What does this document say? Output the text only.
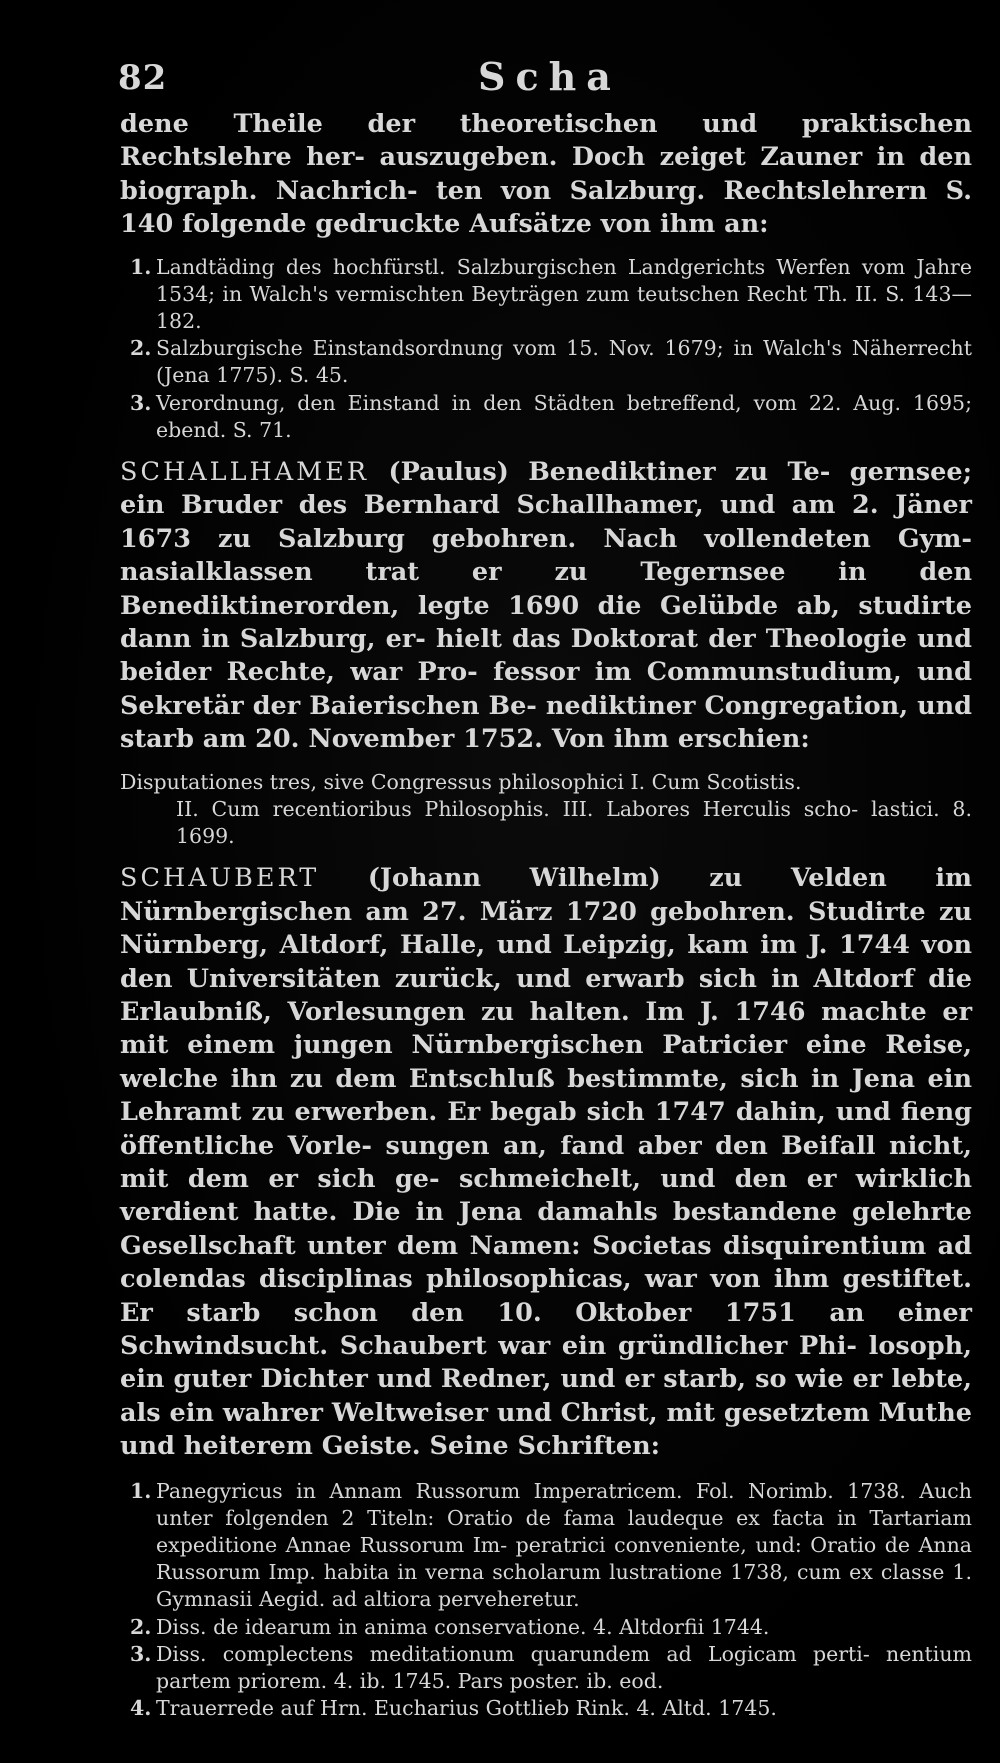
82	Scha

dene Theile der theoretischen und praktischen Rechtslehre her- auszugeben. Doch zeiget Zauner in den biograph. Nachrich- ten von Salzburg. Rechtslehrern S. 140 folgende gedruckte Aufsätze von ihm an:

1. Landtäding des hochfürstl. Salzburgischen Landgerichts Werfen vom Jahre 1534; in Walch's vermischten Beyträgen zum teutschen Recht Th. II. S. 143—182.
2. Salzburgische Einstandsordnung vom 15. Nov. 1679; in Walch's Näherrecht (Jena 1775). S. 45.
3. Verordnung, den Einstand in den Städten betreffend, vom 22. Aug. 1695; ebend. S. 71.

SCHALLHAMER (Paulus) Benediktiner zu Te- gernsee; ein Bruder des Bernhard Schallhamer, und am 2. Jäner 1673 zu Salzburg gebohren. Nach vollendeten Gym- nasialklassen trat er zu Tegernsee in den Benediktinerorden, legte 1690 die Gelübde ab, studirte dann in Salzburg, er- hielt das Doktorat der Theologie und beider Rechte, war Pro- fessor im Communstudium, und Sekretär der Baierischen Be- nediktiner Congregation, und starb am 20. November 1752. Von ihm erschien:

Disputationes tres, sive Congressus philosophici I. Cum Scotistis.
II. Cum recentioribus Philosophis. III. Labores Herculis scho- lastici. 8. 1699.

SCHAUBERT (Johann Wilhelm) zu Velden im Nürnbergischen am 27. März 1720 gebohren. Studirte zu Nürnberg, Altdorf, Halle, und Leipzig, kam im J. 1744 von den Universitäten zurück, und erwarb sich in Altdorf die Erlaubniß, Vorlesungen zu halten. Im J. 1746 machte er mit einem jungen Nürnbergischen Patricier eine Reise, welche ihn zu dem Entschluß bestimmte, sich in Jena ein Lehramt zu erwerben. Er begab sich 1747 dahin, und fieng öffentliche Vorle- sungen an, fand aber den Beifall nicht, mit dem er sich ge- schmeichelt, und den er wirklich verdient hatte. Die in Jena damahls bestandene gelehrte Gesellschaft unter dem Namen: Societas disquirentium ad colendas disciplinas philosophicas, war von ihm gestiftet. Er starb schon den 10. Oktober 1751 an einer Schwindsucht. Schaubert war ein gründlicher Phi- losoph, ein guter Dichter und Redner, und er starb, so wie er lebte, als ein wahrer Weltweiser und Christ, mit gesetztem Muthe und heiterem Geiste. Seine Schriften:

1. Panegyricus in Annam Russorum Imperatricem. Fol. Norimb. 1738. Auch unter folgenden 2 Titeln: Oratio de fama laudeque ex facta in Tartariam expeditione Annae Russorum Im- peratrici conveniente, und: Oratio de Anna Russorum Imp. habita in verna scholarum lustratione 1738, cum ex classe 1. Gymnasii Aegid. ad altiora perveheretur.
2. Diss. de idearum in anima conservatione. 4. Altdorfii 1744.
3. Diss. complectens meditationum quarundem ad Logicam perti- nentium partem priorem. 4. ib. 1745. Pars poster. ib. eod.
4. Trauerrede auf Hrn. Eucharius Gottlieb Rink. 4. Altd. 1745.
